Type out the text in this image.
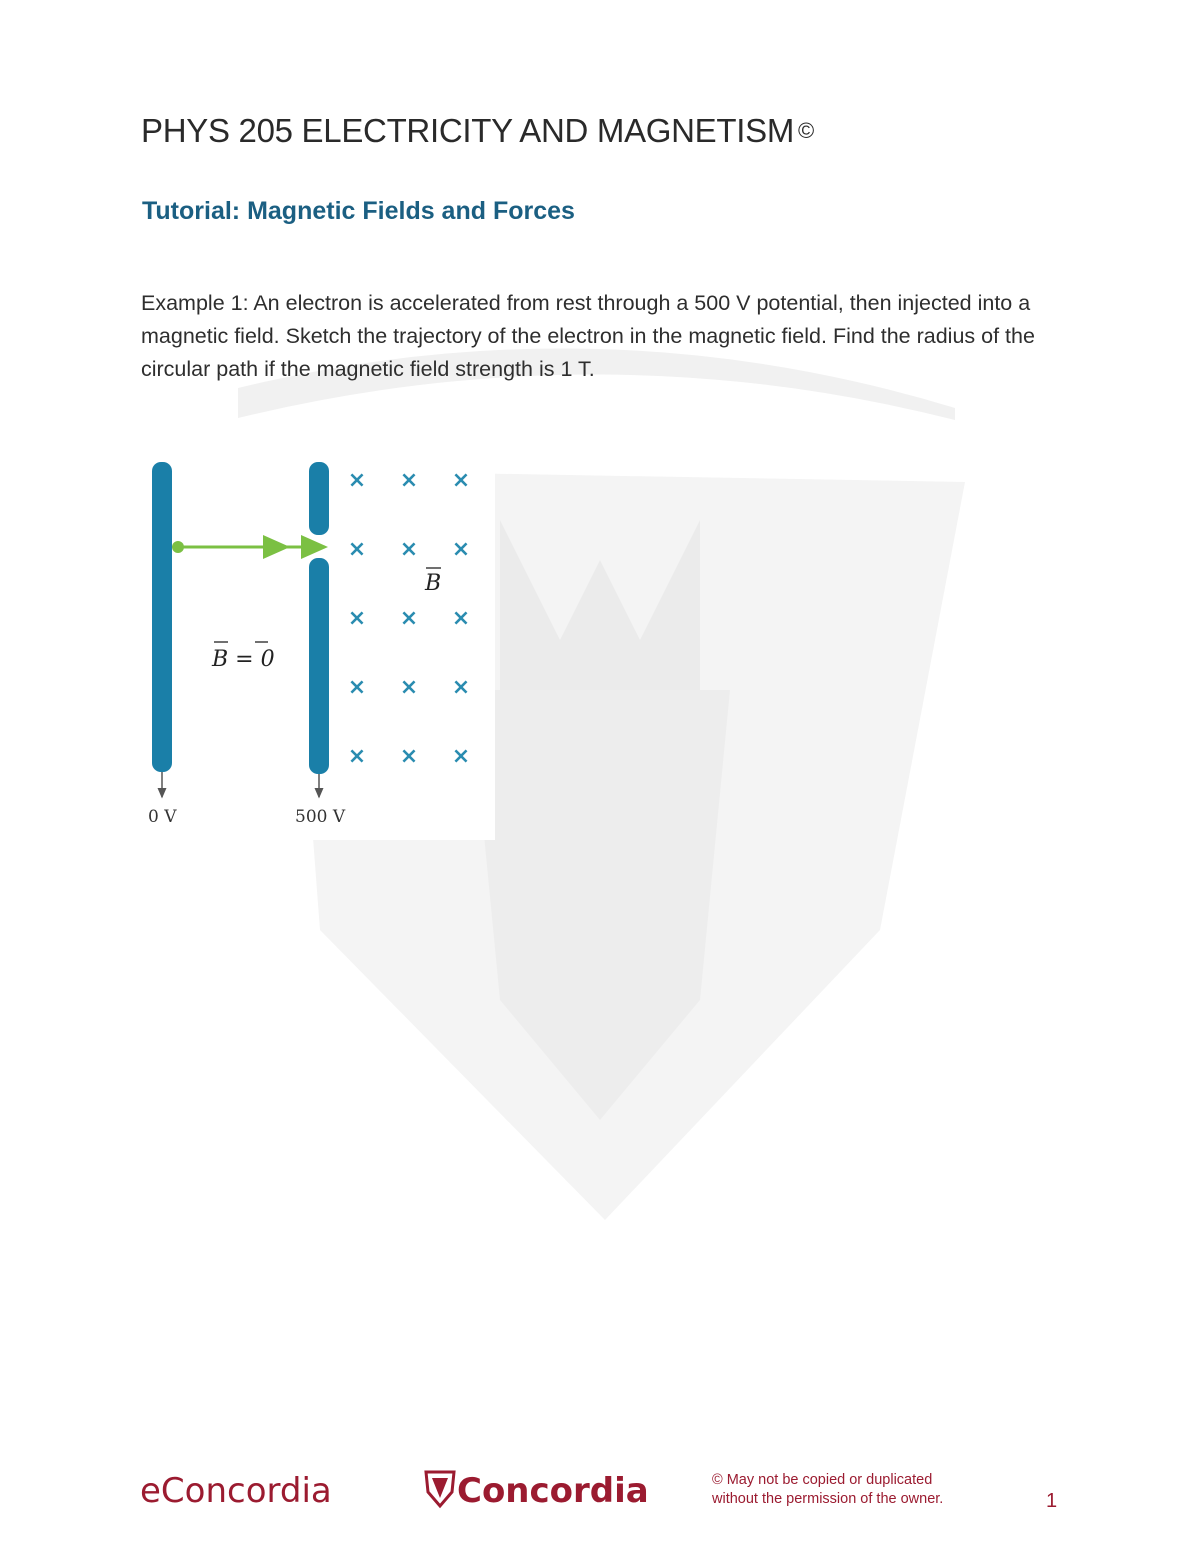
PHYS 205 ELECTRICITY AND MAGNETISM ©
Tutorial: Magnetic Fields and Forces
Example 1: An electron is accelerated from rest through a 500 V potential, then injected into a magnetic field. Sketch the trajectory of the electron in the magnetic field. Find the radius of the circular path if the magnetic field strength is 1 T.
0 V	500 V
B = 0
B
× × ×
× × ×
× × ×
× × ×
× × ×
eConcordia	Concordia	© May not be copied or duplicated
without the permission of the owner.	1
